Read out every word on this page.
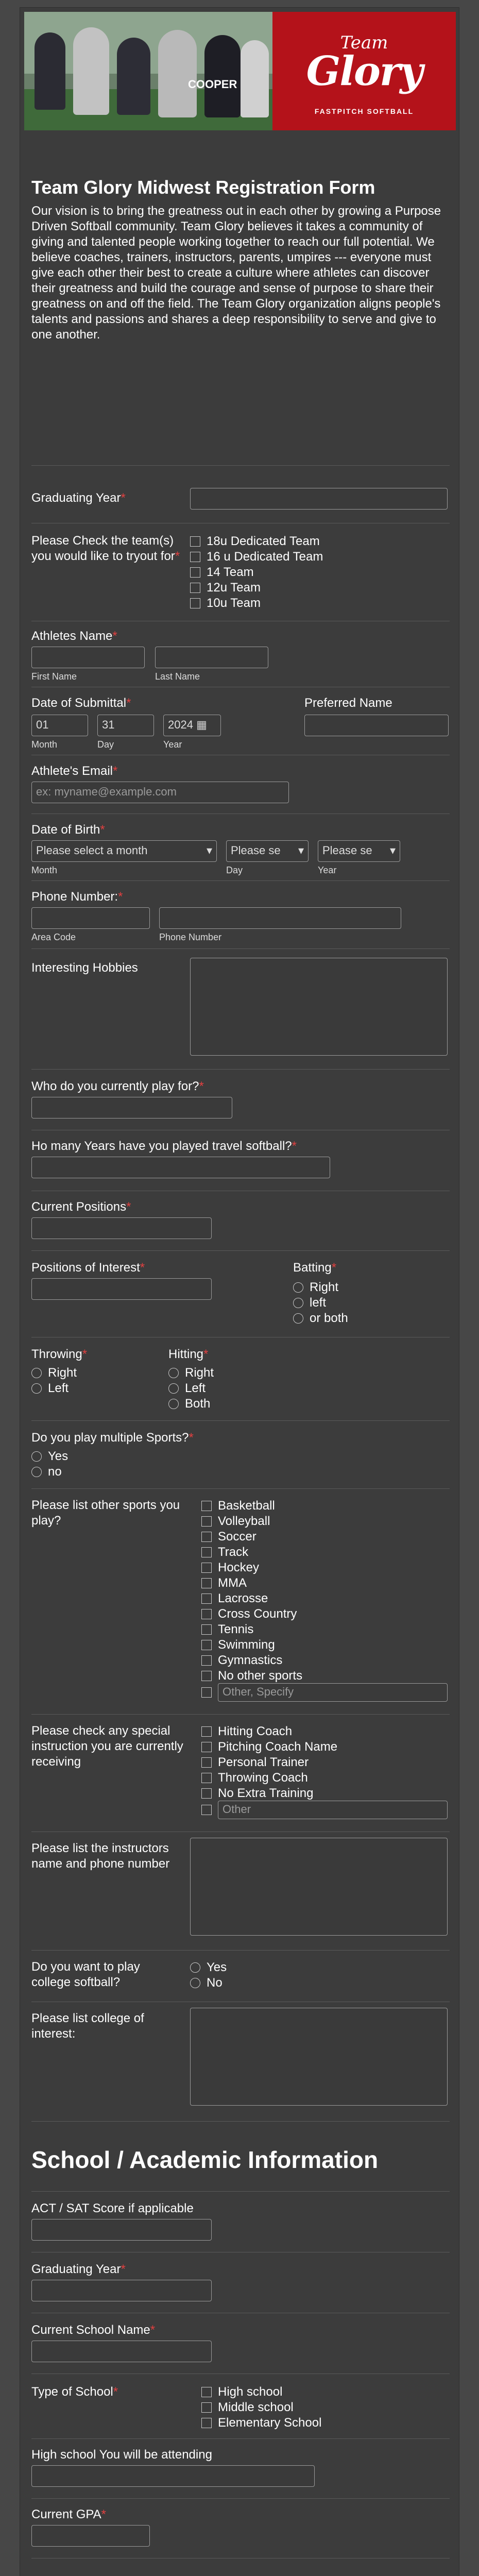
COOPER
Team
Glory
FASTPITCH SOFTBALL
Team Glory Midwest Registration Form
Our vision is to bring the greatness out in each other by growing a Purpose Driven Softball community. Team Glory believes it takes a community of giving and talented people working together to reach our full potential. We believe coaches, trainers, instructors, parents, umpires --- everyone must give each other their best to create a culture where athletes can discover their greatness and build the courage and sense of purpose to share their greatness on and off the field. The Team Glory organization aligns people's talents and passions and shares a deep responsibility to serve and give to one another.
Graduating Year*
Please Check the team(s) you would like to tryout for*
18u Dedicated Team
16 u Dedicated Team
14 Team
12u Team
10u Team
Athletes Name*
First Name	Last Name
Date of Submittal*	Preferred Name
01	31	2024 ▦
Month	Day	Year
Athlete's Email*
ex: myname@example.com
Date of Birth*
Please select a month ▾	Please se ▾	Please se ▾
Month	Day	Year
Phone Number:*
Area Code	Phone Number
Interesting Hobbies
Who do you currently play for?*
Ho many Years have you played travel softball?*
Current Positions*
Positions of Interest*	Batting*
Right
left
or both
Throwing*
Right
Left
Hitting*
Right
Left
Both
Do you play multiple Sports?*
Yes
no
Please list other sports you play?
Basketball
Volleyball
Soccer
Track
Hockey
MMA
Lacrosse
Cross Country
Tennis
Swimming
Gymnastics
No other sports
Other, Specify
Please check any special instruction you are currently receiving
Hitting Coach
Pitching Coach Name
Personal Trainer
Throwing Coach
No Extra Training
Other
Please list the instructors name and phone number
Do you want to play college softball?
Yes
No
Please list college of interest:
School / Academic Information
ACT / SAT Score if applicable
Graduating Year*
Current School Name*
Type of School*	High school
Middle school
Elementary School
High school You will be attending
Current GPA*
